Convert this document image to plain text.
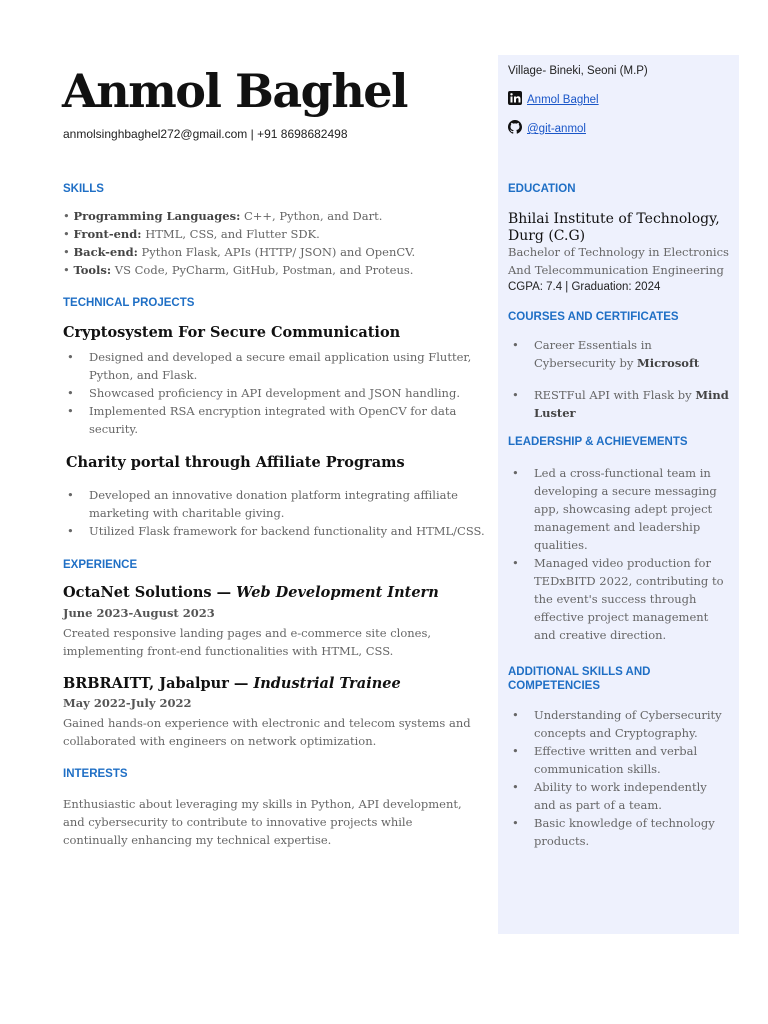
Anmol Baghel
anmolsinghbaghel272@gmail.com | +91 8698682498
SKILLS
• Programming Languages: C++, Python, and Dart.
• Front-end: HTML, CSS, and Flutter SDK.
• Back-end: Python Flask, APIs (HTTP/ JSON) and OpenCV.
• Tools: VS Code, PyCharm, GitHub, Postman, and Proteus.
TECHNICAL PROJECTS
Cryptosystem For Secure Communication
• Designed and developed a secure email application using Flutter, Python, and Flask.
• Showcased proficiency in API development and JSON handling.
• Implemented RSA encryption integrated with OpenCV for data security.
Charity portal through Affiliate Programs
• Developed an innovative donation platform integrating affiliate marketing with charitable giving.
• Utilized Flask framework for backend functionality and HTML/CSS.
EXPERIENCE
OctaNet Solutions — Web Development Intern
June 2023-August 2023

Created responsive landing pages and e-commerce site clones, implementing front-end functionalities with HTML, CSS.

BRBRAITT, Jabalpur — Industrial Trainee
May 2022-July 2022

Gained hands-on experience with electronic and telecom systems and collaborated with engineers on network optimization.

INTERESTS

Enthusiastic about leveraging my skills in Python, API development, and cybersecurity to contribute to innovative projects while continually enhancing my technical expertise.

Village- Bineki, Seoni (M.P)
Anmol Baghel
@git-anmol
EDUCATION
Bhilai Institute of Technology, Durg (C.G)

Bachelor of Technology in Electronics And Telecommunication Engineering

CGPA: 7.4 | Graduation: 2024
COURSES AND CERTIFICATES
• Career Essentials in Cybersecurity by Microsoft
• RESTFul API with Flask by Mind Luster
LEADERSHIP & ACHIEVEMENTS
• Led a cross-functional team in developing a secure messaging app, showcasing adept project management and leadership qualities.
• Managed video production for TEDxBITD 2022, contributing to the event's success through effective project management and creative direction.
ADDITIONAL SKILLS AND COMPETENCIES
• Understanding of Cybersecurity concepts and Cryptography.
• Effective written and verbal communication skills.
• Ability to work independently and as part of a team.
• Basic knowledge of technology products.
